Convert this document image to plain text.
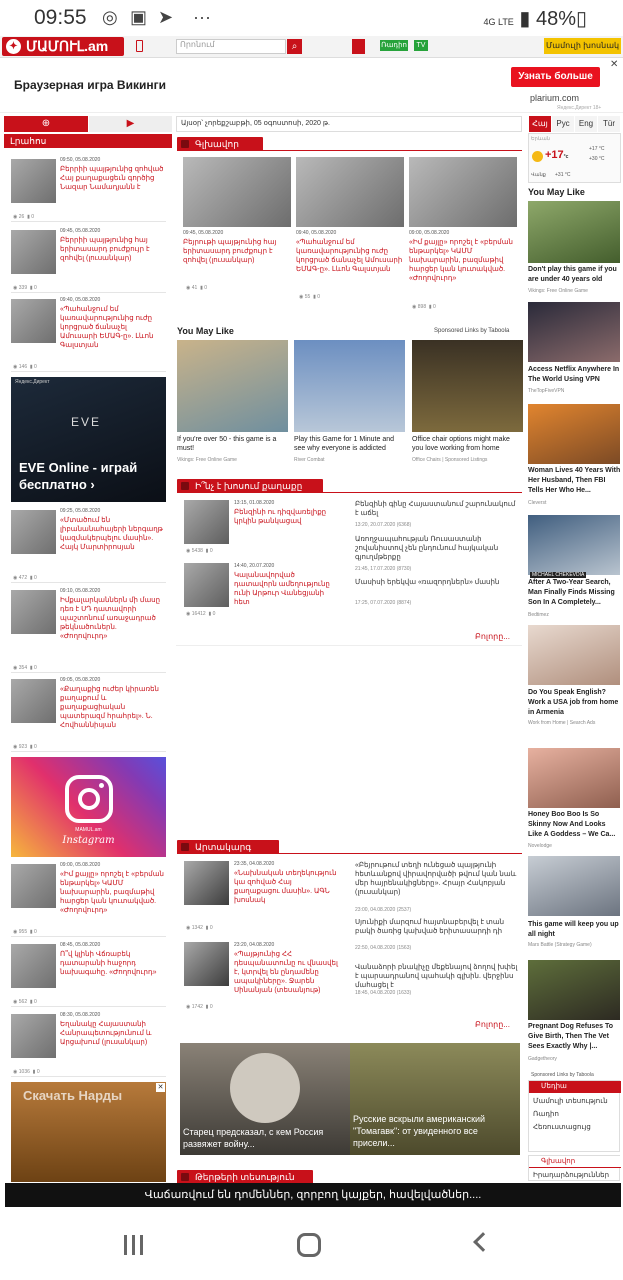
09:55 ◎ ▣ ➤ ···	4G LTE ▮ 48%▯
✦ ՄԱՄՈՒԼ.am	Որոնում	⌕	Ռադիո	TV	Մամուլի խոսնակ
Браузерная игра Викинги
Узнать больше
plarium.com
Яндекс.Директ 18+
✕
⊕	▶
Լրահոս
09:50, 05.08.2020
Բերրիի պայթյունից զոհված Հայ քաղաքացեւն գործից Նազար Նամադյանն է
◉ 26 ▮ 0
09:45, 05.08.2020
Բերրիի պայթյունից հայ երիտասարդ բուժքույր է զոհվել (լուսանկար)
◉ 339 ▮ 0
09:40, 05.08.2020
«Պահանջում եմ կառավարությունից ուժը կորցրած ճանաչել Ամուսարի ԵՄԱԳ-ը». Լևոն Գալստյան
◉ 146 ▮ 0
09:25, 05.08.2020
«Մտածում են լիբանանահայերի ներգաղթ կազմակերպելու մասին». Հայկ Մարտիրոսյան
◉ 472 ▮ 0
09:10, 05.08.2020
Իմքալարկաններն մի մասը դեռ է ՍԴ դատավորի պաշտոնում առաջադրած թեկնածուներն. «Ժողովուրդ»
◉ 354 ▮ 0
09:05, 05.08.2020
«Քաղաքից ուժեր կիրառեն քաղաքում և քաղաքացիական պատերազմ հրահրել». Ն. Հովհաննիսյան
◉ 923 ▮ 0
09:00, 05.08.2020
«Իմ քայլը» որոշել է «բերման ենթարկել» ԿԱՄՄ նախարարին, բազմաթիվ հարցեր կան կուտակված. «Ժողովուրդ»
◉ 955 ▮ 0
08:45, 05.08.2020
Ո՞վ կլինի Վճռաբեկ դատարանի հաջորդ նախագահը. «Ժողովուրդ»
◉ 562 ▮ 0
08:30, 05.08.2020
Եղանակը Հայաստանի Հանրապետությունում և Արցախում (լուսանկար)
◉ 1036 ▮ 0
Яндекс.Директ
EVE
EVE Online - играй бесплатно ›
MAMUL.am
Instagram
Скачать Нарды
✕
Այսօր՝ չորեքշաբթի, 05 օգոստոսի, 2020 թ.
Գլխավոր
09:45, 05.08.2020
Բեյրութի պայթյունից հայ երիտասարդ բուժքույր է զոհվել (լուսանկար)
◉ 41 ▮ 0
09:40, 05.08.2020
«Պահանջում եմ կառավարությունից ուժը կորցրած ճանաչել Ամուսարի ԵՄԱԳ-ը». Լևոն Գալստյան
◉ 55 ▮ 0
09:00, 05.08.2020
«Իմ քայլը» որոշել է «բերման ենթարկել» ԿԱՄՄ նախարարին, բազմաթիվ հարցեր կան կուտակված. «Ժողովուրդ»
◉ 898 ▮ 0
You May Like	Sponsored Links by Taboola
If you're over 50 - this game is a must!
Vikings: Free Online Game
Play this Game for 1 Minute and see why everyone is addicted
River Combat
Office chair options might make you love working from home
Office Chairs | Sponsored Listings
Ի՞նչ է խոսում քաղաքը
13:15, 01.08.2020
Բենզինի ու դիզվառելիքը կրկին թանկացավ
◉ 5438 ▮ 0
14:40, 20.07.2020
Կալանավորված դատավորն ամեղությունը ունի Արթուր Վանեցյանի հետ
◉ 16412 ▮ 0
Բենզինի գինը Հայաստանում շարունակում է աճել
13:20, 20.07.2020 (6368)
Առողջապահության Ռուսաստանի շովանիստով չեն ընդունում հայկական գյուղմթերքը
21:45, 17.07.2020 (8730)
Մասիսի երեկվա «ռազորդներն» մասին
17:25, 07.07.2020 (8874)
Բոլորը...
Արտակարգ
23:35, 04.08.2020
«Նախնական տեղեկություն կա զոհված Հայ քաղաքացու մասին». ԱԳՆ խոսնակ
◉ 1342 ▮ 0
23:20, 04.08.2020
«Պայթյունից ՀՀ դեսպանատունը ու վնասվել է, կտրվել են ընդամենը ապակիները». Ջարեն Սինանյան (տեսանյութ)
◉ 1742 ▮ 0
«Բեյրութում տեղի ունեցած պայթյունի հետևանքով վիրավորվածի թվում կան նաև մեր հայրենակիցները». Հրայր Հակոբյան (լուսանկար)
23:00, 04.08.2020 (2537)
Սյունիքի մարզում հայտնաբերվել է տան բակի ծառից կախված երիտասարդի դի
22:50, 04.08.2020 (1563)
Վանաձորի բնակիչը մեքենայով ձողով խփել է պարսադրանով պահակի գլխին. վերջինս մահացել է
18:45, 04.08.2020 (1633)
Բոլորը...
Старец предсказал, с кем Россия развяжет войну...
Русские вскрыли американский "Томагавк": от увиденного все присели...
Թերթերի տեսություն
Հայ	Рус	Eng	Tür
Երևան
+17°c
+17 °C
+30 °C
Վանք +31 °C
You May Like
Don't play this game if you are under 40 years old
Vikings: Free Online Game
Access Netflix Anywhere In The World Using VPN
TheTopFiveVPN
Woman Lives 40 Years With Her Husband, Then FBI Tells Her Who He...
Cleverst
After A Two-Year Search, Man Finally Finds Missing Son In A Completely...
Bedtimez
Do You Speak English? Work a USA job from home in Armenia
Work from Home | Search Ads
Honey Boo Boo Is So Skinny Now And Looks Like A Goddess – We Ca...
Novelodge
This game will keep you up all night
Mars Battle (Strategy Game)
Pregnant Dog Refuses To Give Birth, Then The Vet Sees Exactly Why |...
Gadgetheory
MICHAEL CHEKEVDIA
Sponsored Links by Taboola
Մեդիա
Մամուլի տեսություն
Ռադիո
Հեռուստացույց
Գլխավոր
Իրադարձություններ
Վաճառվում են դոմեններ, զորբող կայքեր, հավելվածներ....
